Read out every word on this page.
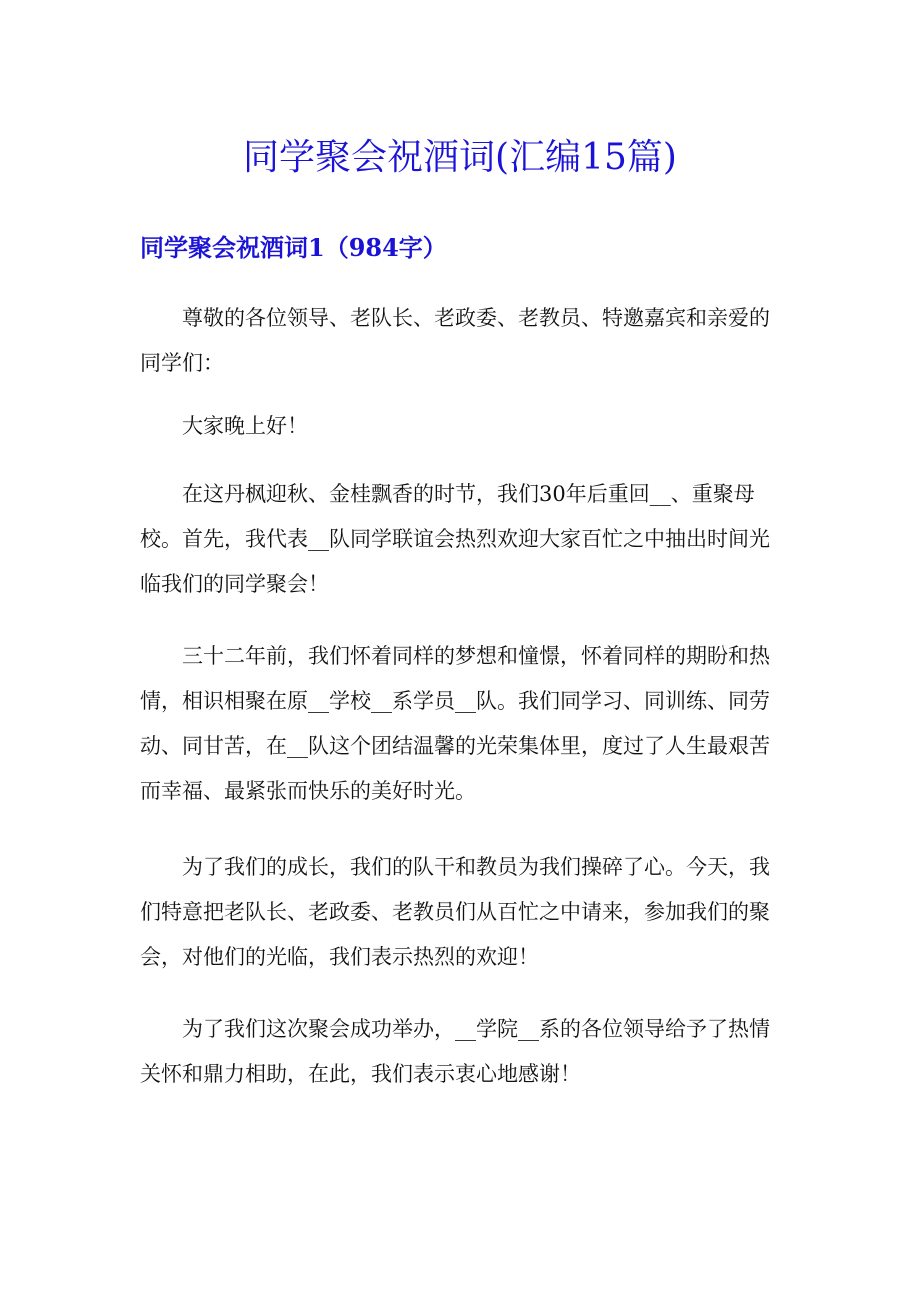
同学聚会祝酒词(汇编15篇)
同学聚会祝酒词1（984字）

尊敬的各位领导、老队长、老政委、老教员、特邀嘉宾和亲爱的
同学们：

大家晚上好！

在这丹枫迎秋、金桂飘香的时节，我们30年后重回__、重聚母
校。首先，我代表__队同学联谊会热烈欢迎大家百忙之中抽出时间光
临我们的同学聚会！

三十二年前，我们怀着同样的梦想和憧憬，怀着同样的期盼和热
情，相识相聚在原__学校__系学员__队。我们同学习、同训练、同劳
动、同甘苦，在__队这个团结温馨的光荣集体里，度过了人生最艰苦
而幸福、最紧张而快乐的美好时光。

为了我们的成长，我们的队干和教员为我们操碎了心。今天，我
们特意把老队长、老政委、老教员们从百忙之中请来，参加我们的聚
会，对他们的光临，我们表示热烈的欢迎！

为了我们这次聚会成功举办，__学院__系的各位领导给予了热情
关怀和鼎力相助，在此，我们表示衷心地感谢！
